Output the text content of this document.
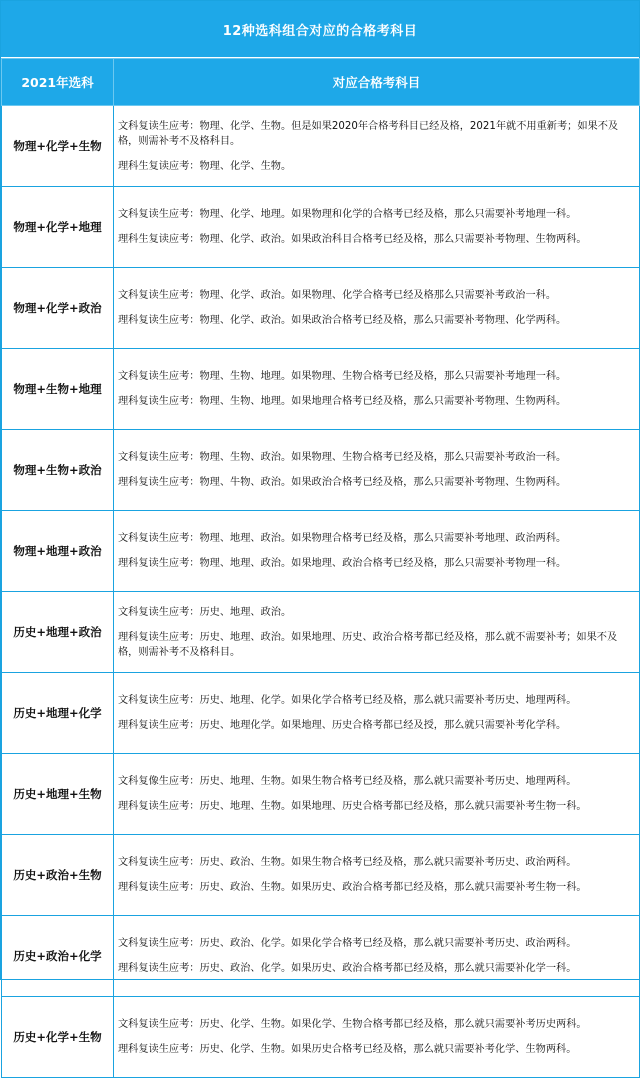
12种选科组合对应的合格考科目
2021年选科	对应合格考科目
物理+化学+生物	文科复读生应考：物理、化学、生物。但是如果2020年合格考科目已经及格，2021年就不用重新考；如果不及格，则需补考不及格科目。
理科生复读应考：物理、化学、生物。

物理+化学+地理	文科复读生应考：物理、化学、地理。如果物理和化学的合格考已经及格，那么只需要补考地理一科。
理科生复读应考：物理、化学、政治。如果政治科目合格考已经及格，那么只需要补考物理、生物两科。

物理+化学+政治	文科复读生应考：物理、化学、政治。如果物理、化学合格考已经及格那么只需要补考政治一科。
理科复读生应考：物理、化学、政治。如果政治合格考已经及格，那么只需要补考物理、化学两科。

物理+生物+地理	文科复读生应考：物理、生物、地理。如果物理、生物合格考已经及格，那么只需要补考地理一科。
理科复读生应考：物理、生物、地理。如果地理合格考已经及格，那么只需要补考物理、生物两科。

物理+生物+政治	文科复读生应考：物理、生物、政治。如果物理、生物合格考已经及格，那么只需要补考政治一科。
理科复读生应考：物理、牛物、政治。如果政治合格考已经及格，那么只需要补考物理、生物两科。

物理+地理+政治	文科复读生应考：物理、地理、政治。如果物理合格考已经及格，那么只需要补考地理、政治两科。
理科复读生应考：物理、地理、政治。如果地理、政治合格考已经及格，那么只需要补考物理一科。

历史+地理+政治	文科复读生应考：历史、地理、政治。
理科复读生应考：历史、地理、政治。如果地理、历史、政治合格考都已经及格，那么就不需要补考；如果不及格，则需补考不及格科目。

历史+地理+化学	文科复读生应考：历史、地理、化学。如果化学合格考已经及格，那么就只需要补考历史、地理两科。
理科复读生应考：历史、地理化学。如果地理、历史合格考都已经及授，那么就只需要补考化学科。

历史+地理+生物	文科复像生应考：历史、地理、生物。如果生物合格考已经及格，那么就只需要补考历史、地理两科。
理科复读生应考：历史、地理、生物。如果地理、历史合格考都已经及格，那么就只需要补考生物一科。

历史+政治+生物	文科复读生应考：历史、政治、生物。如果生物合格考已经及格，那么就只需要补考历史、政治两科。
理科复读生应考：历史、政治、生物。如果历史、政治合格考都已经及格，那么就只需要补考生物一科。

历史+政治+化学	文科复读生应考：历史、政治、化学。如果化学合格考已经及格，那么就只需要补考历史、政治两科。
理科复读生应考：历史、政治、化学。如果历史、政治合格考都已经及格，那么就只需要补化学一科。

历史+化学+生物	文科复读生应考：历史、化学、生物。如果化学、生物合格考都已经及格，那么就只需要补考历史两科。
理科复读生应考：历史、化学、生物。如果历史合格考已经及格，那么就只需要补考化学、生物两科。
